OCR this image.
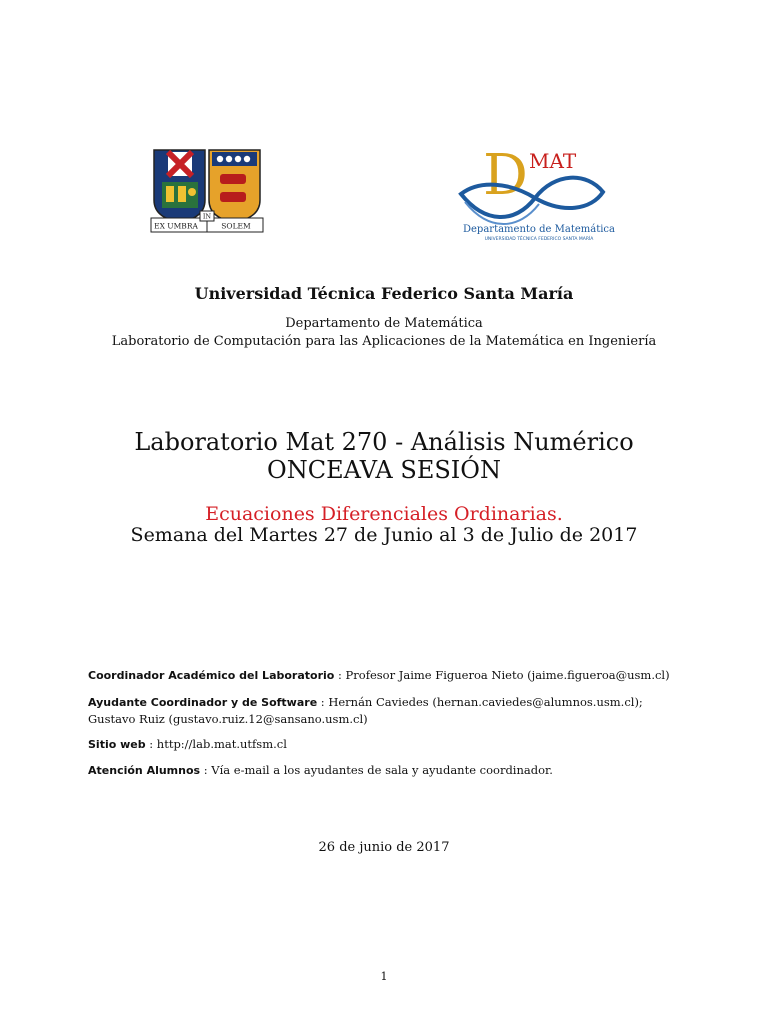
EX UMBRA
IN
SOLEM
D MAT
Departamento de Matemática
UNIVERSIDAD TÉCNICA FEDERICO SANTA MARÍA
Universidad Técnica Federico Santa María
Departamento de Matemática
Laboratorio de Computación para las Aplicaciones de la Matemática en Ingeniería
Laboratorio Mat 270 - Análisis Numérico
ONCEAVA SESIÓN
Ecuaciones Diferenciales Ordinarias.
Semana del Martes 27 de Junio al 3 de Julio de 2017
Coordinador Académico del Laboratorio : Profesor Jaime Figueroa Nieto (jaime.figueroa@usm.cl)
Ayudante Coordinador y de Software : Hernán Caviedes (hernan.caviedes@alumnos.usm.cl); Gustavo Ruiz (gustavo.ruiz.12@sansano.usm.cl)
Sitio web : http://lab.mat.utfsm.cl
Atención Alumnos : Vía e-mail a los ayudantes de sala y ayudante coordinador.
26 de junio de 2017
1
